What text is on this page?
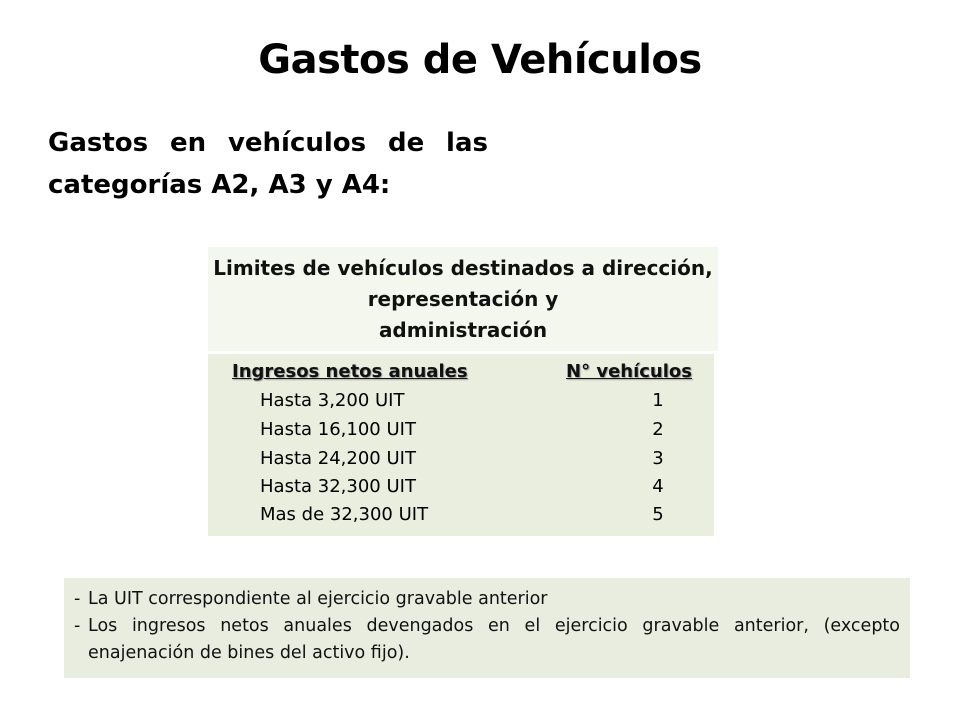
Gastos de Vehículos
Gastos en vehículos de las
categorías A2, A3 y A4:
Limites de vehículos destinados a dirección,
representación y
administración
Ingresos netos anuales	N° vehículos
Hasta 3,200 UIT	1
Hasta 16,100 UIT	2
Hasta 24,200 UIT	3
Hasta 32,300 UIT	4
Mas de 32,300 UIT	5
- La UIT correspondiente al ejercicio gravable anterior
- Los ingresos netos anuales devengados en el ejercicio gravable anterior, (excepto enajenación de bines del activo fijo).
